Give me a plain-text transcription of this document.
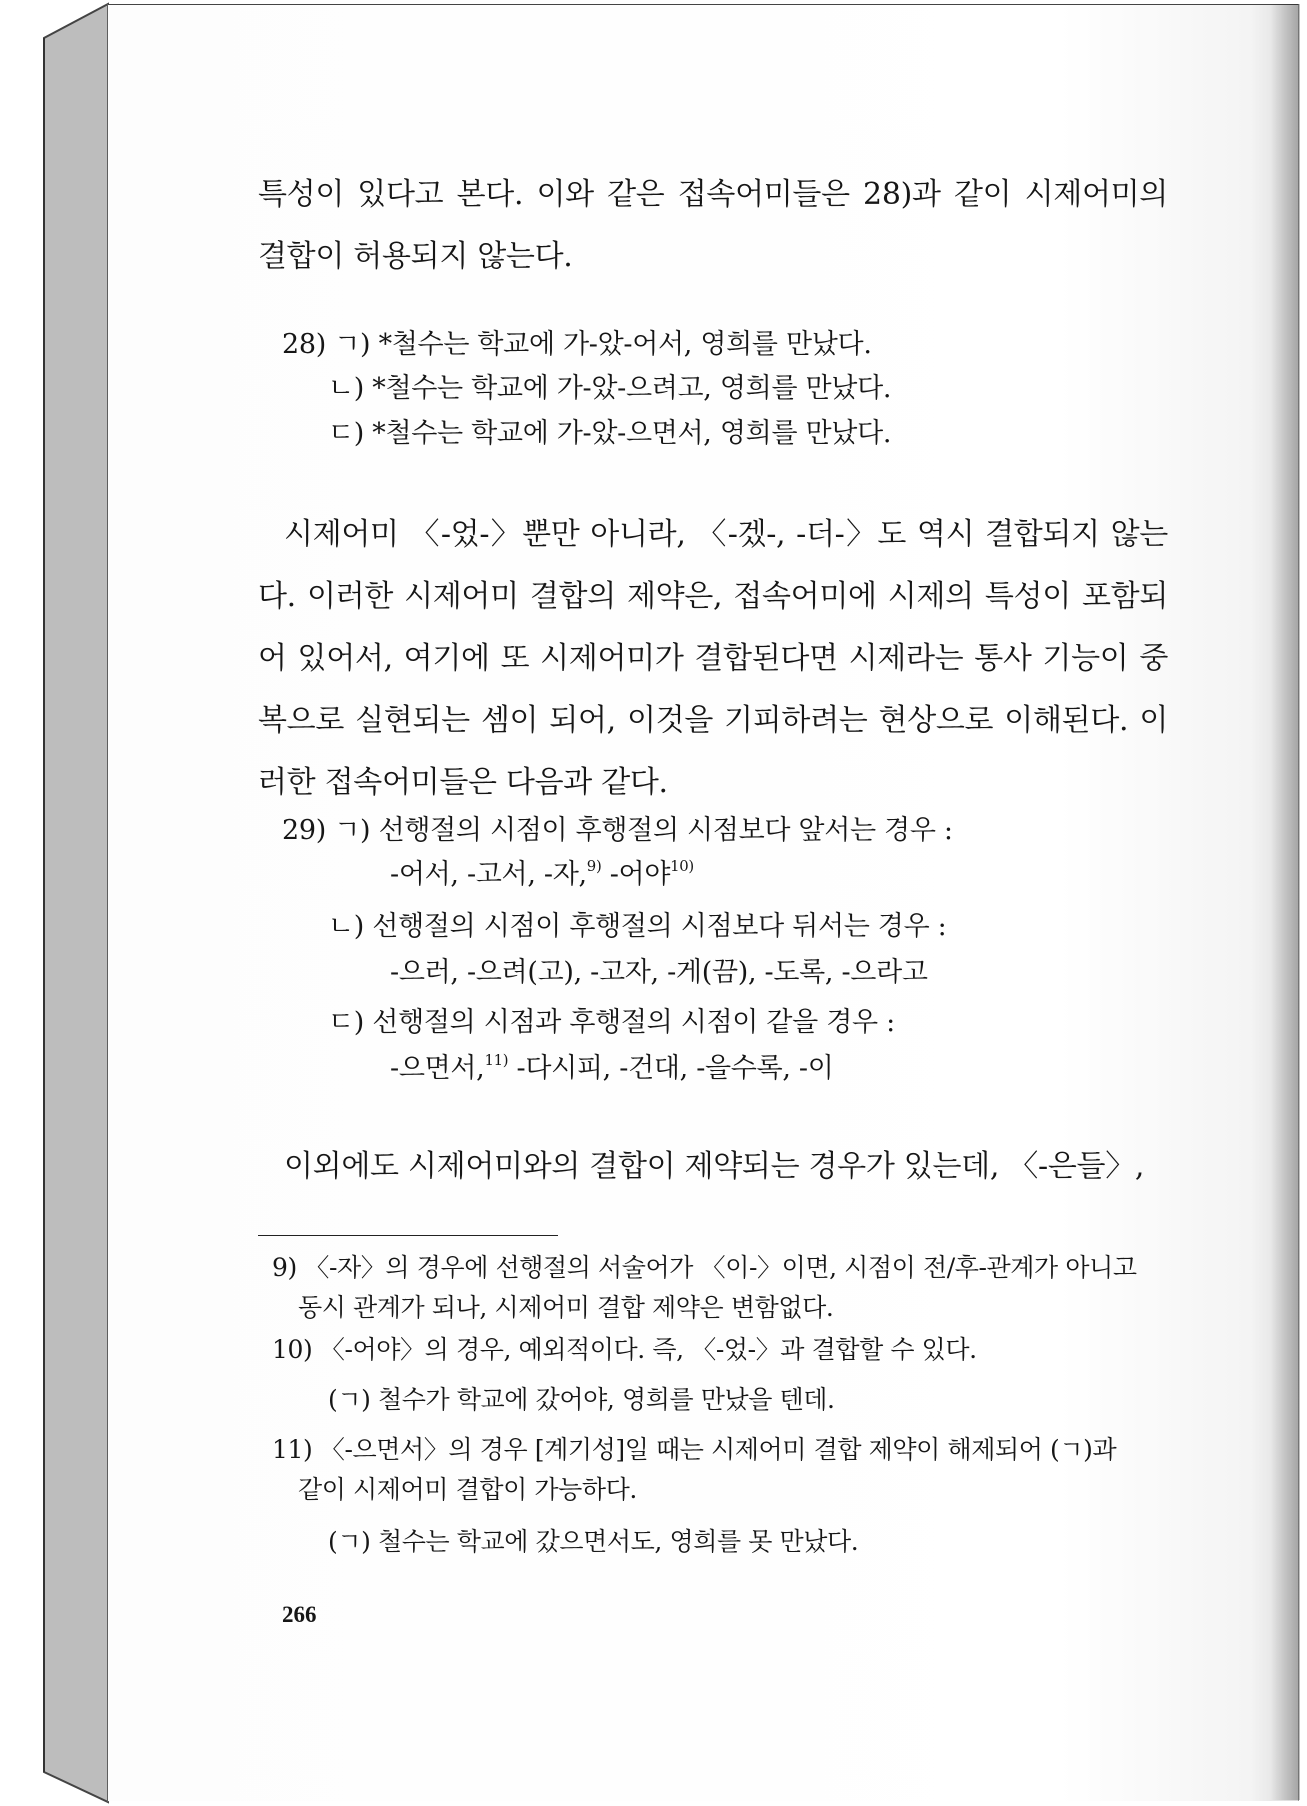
특성이 있다고 본다. 이와 같은 접속어미들은 28)과 같이 시제어미의 결합이 허용되지 않는다.

28) ㄱ) *철수는 학교에 가-았-어서, 영희를 만났다.

ㄴ) *철수는 학교에 가-았-으려고, 영희를 만났다.

ㄷ) *철수는 학교에 가-았-으면서, 영희를 만났다.

시제어미 〈-었-〉뿐만 아니라, 〈-겠-, -더-〉도 역시 결합되지 않는다. 이러한 시제어미 결합의 제약은, 접속어미에 시제의 특성이 포함되어 있어서, 여기에 또 시제어미가 결합된다면 시제라는 통사 기능이 중복으로 실현되는 셈이 되어, 이것을 기피하려는 현상으로 이해된다. 이러한 접속어미들은 다음과 같다.

29) ㄱ) 선행절의 시점이 후행절의 시점보다 앞서는 경우 :

-어서, -고서, -자,$^{9)}$ -어야$^{10)}$

ㄴ) 선행절의 시점이 후행절의 시점보다 뒤서는 경우 :

-으러, -으려(고), -고자, -게(끔), -도록, -으라고

ㄷ) 선행절의 시점과 후행절의 시점이 같을 경우 :

-으면서,$^{11)}$ -다시피, -건대, -을수록, -이

이외에도 시제어미와의 결합이 제약되는 경우가 있는데, 〈-은들〉,

9) 〈-자〉의 경우에 선행절의 서술어가 〈이-〉이면, 시점이 전/후-관계가 아니고

동시 관계가 되나, 시제어미 결합 제약은 변함없다.

10) 〈-어야〉의 경우, 예외적이다. 즉, 〈-었-〉과 결합할 수 있다.

(ㄱ) 철수가 학교에 갔어야, 영희를 만났을 텐데.

11) 〈-으면서〉의 경우 [계기성]일 때는 시제어미 결합 제약이 해제되어 (ㄱ)과

같이 시제어미 결합이 가능하다.

(ㄱ) 철수는 학교에 갔으면서도, 영희를 못 만났다.

266
